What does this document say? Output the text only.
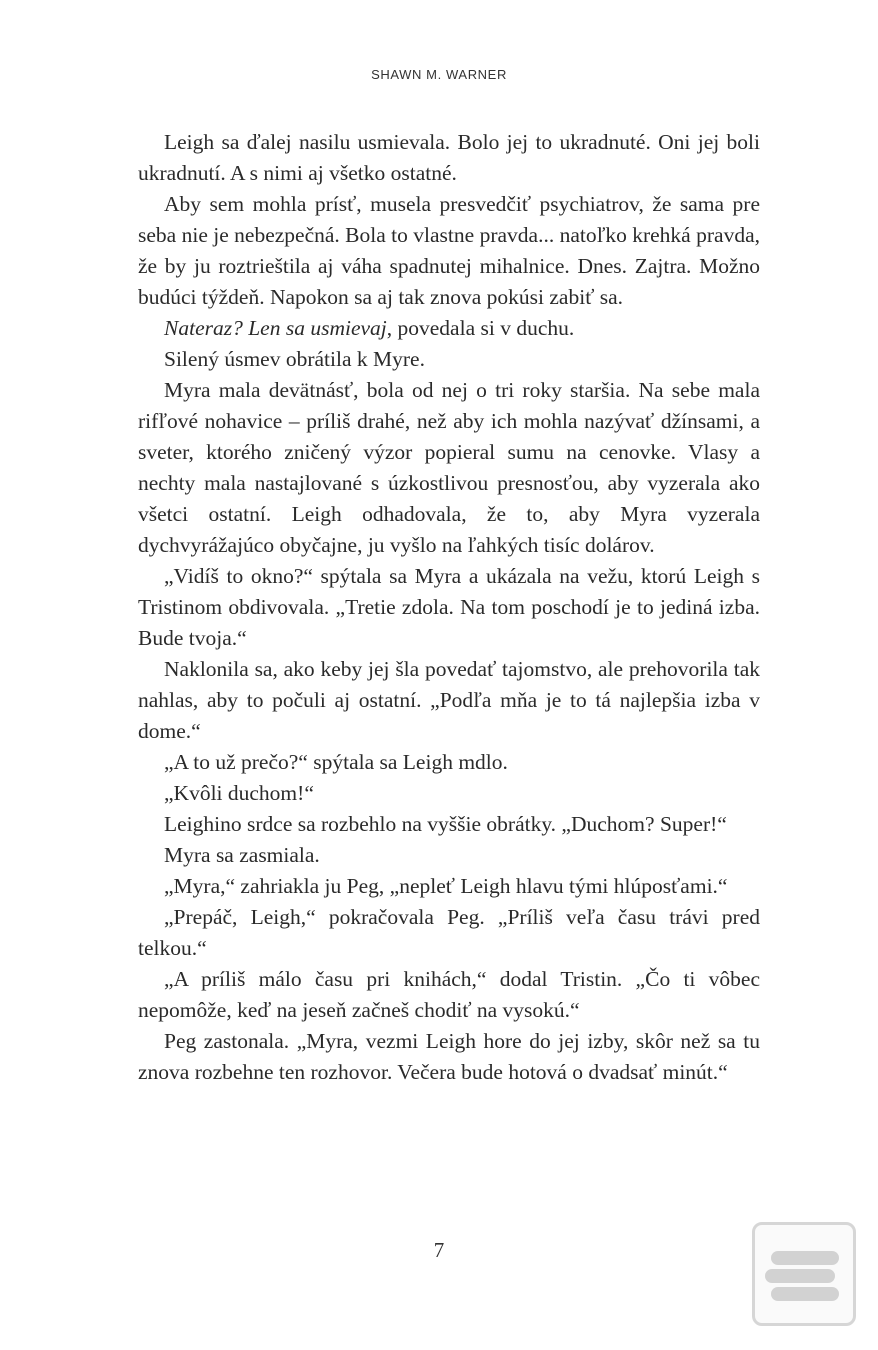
SHAWN M. WARNER

Leigh sa ďalej nasilu usmievala. Bolo jej to ukradnuté. Oni jej boli ukradnutí. A s nimi aj všetko ostatné.

Aby sem mohla prísť, musela presvedčiť psychiatrov, že sama pre seba nie je nebezpečná. Bola to vlastne pravda... natoľko krehká pravda, že by ju roztrieštila aj váha spadnutej mihalnice. Dnes. Zajtra. Možno budúci týždeň. Napokon sa aj tak znova pokúsi zabiť sa.

Nateraz? Len sa usmievaj, povedala si v duchu.

Silený úsmev obrátila k Myre.

Myra mala devätnásť, bola od nej o tri roky staršia. Na sebe mala rifľové nohavice – príliš drahé, než aby ich mohla nazývať džínsami, a sveter, ktorého zničený výzor popieral sumu na cenovke. Vlasy a nechty mala nastajlované s úzkostlivou presnosťou, aby vyzerala ako všetci ostatní. Leigh odhadovala, že to, aby Myra vyzerala dychvyrážajúco obyčajne, ju vyšlo na ľahkých tisíc dolárov.

„Vidíš to okno?“ spýtala sa Myra a ukázala na vežu, ktorú Leigh s Tristinom obdivovala. „Tretie zdola. Na tom poschodí je to jediná izba. Bude tvoja.“

Naklonila sa, ako keby jej šla povedať tajomstvo, ale prehovorila tak nahlas, aby to počuli aj ostatní. „Podľa mňa je to tá najlepšia izba v dome.“

„A to už prečo?“ spýtala sa Leigh mdlo.

„Kvôli duchom!“

Leighino srdce sa rozbehlo na vyššie obrátky. „Duchom? Super!“

Myra sa zasmiala.

„Myra,“ zahriakla ju Peg, „nepleť Leigh hlavu tými hlúposťami.“

„Prepáč, Leigh,“ pokračovala Peg. „Príliš veľa času trávi pred telkou.“

„A príliš málo času pri knihách,“ dodal Tristin. „Čo ti vôbec nepomôže, keď na jeseň začneš chodiť na vysokú.“

Peg zastonala. „Myra, vezmi Leigh hore do jej izby, skôr než sa tu znova rozbehne ten rozhovor. Večera bude hotová o dvadsať minút.“

7
